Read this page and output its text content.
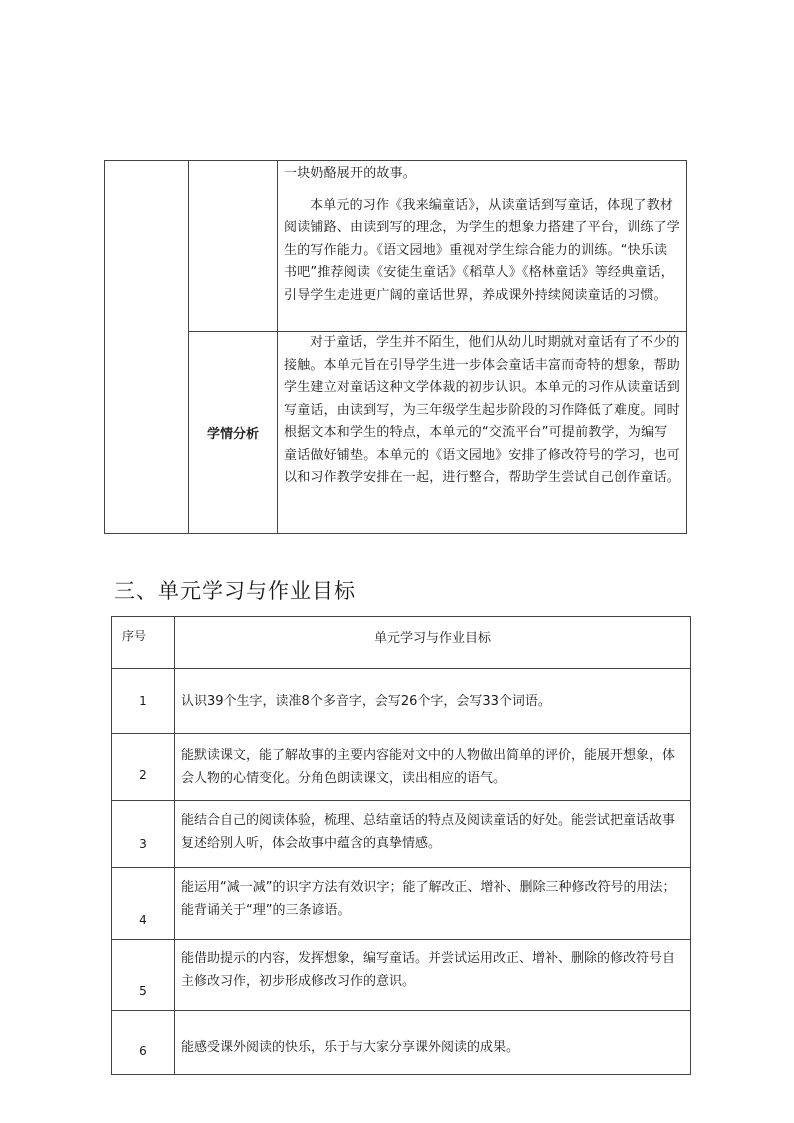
		一块奶酪展开的故事。

本单元的习作《我来编童话》，从读童话到写童话，体现了教材阅读铺路、由读到写的理念，为学生的想象力搭建了平台，训练了学生的写作能力。《语文园地》重视对学生综合能力的训练。“快乐读书吧”推荐阅读《安徒生童话》《稻草人》《格林童话》等经典童话，引导学生走进更广阔的童话世界，养成课外持续阅读童话的习惯。

	学情分析	对于童话，学生并不陌生，他们从幼儿时期就对童话有了不少的接触。本单元旨在引导学生进一步体会童话丰富而奇特的想象，帮助学生建立对童话这种文学体裁的初步认识。本单元的习作从读童话到写童话，由读到写，为三年级学生起步阶段的习作降低了难度。同时根据文本和学生的特点，本单元的“交流平台”可提前教学，为编写童话做好铺垫。本单元的《语文园地》安排了修改符号的学习，也可以和习作教学安排在一起，进行整合，帮助学生尝试自己创作童话。

三、单元学习与作业目标
序号	单元学习与作业目标
1	认识39个生字，读准8个多音字，会写26个字，会写33个词语。
2	能默读课文，能了解故事的主要内容能对文中的人物做出简单的评价，能展开想象，体会人物的心情变化。分角色朗读课文，读出相应的语气。
3	能结合自己的阅读体验，梳理、总结童话的特点及阅读童话的好处。能尝试把童话故事复述给别人听，体会故事中蕴含的真挚情感。
4	能运用“减一减”的识字方法有效识字；能了解改正、增补、删除三种修改符号的用法；能背诵关于“理”的三条谚语。
5	能借助提示的内容，发挥想象，编写童话。并尝试运用改正、增补、删除的修改符号自主修改习作，初步形成修改习作的意识。
6	能感受课外阅读的快乐，乐于与大家分享课外阅读的成果。
